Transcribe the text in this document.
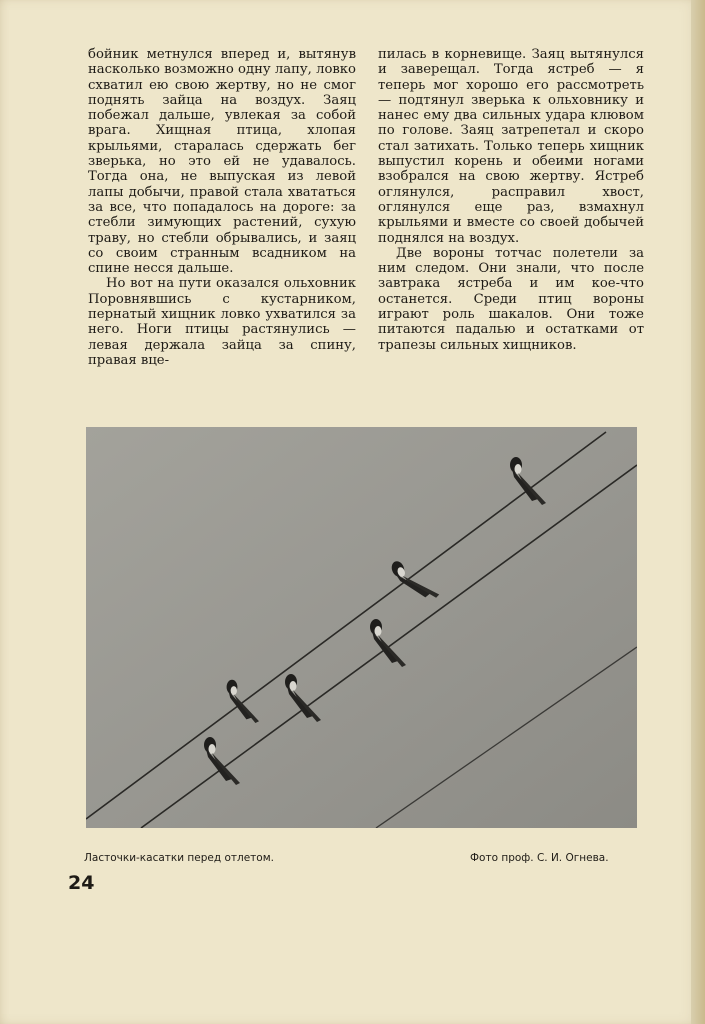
бойник метнулся вперед и, вытянув насколько возможно одну лапу, ловко схватил ею свою жертву, но не смог поднять зайца на воздух. Заяц побежал дальше, увлекая за собой врага. Хищная птица, хлопая крыльями, старалась сдержать бег зверька, но это ей не удавалось. Тогда она, не выпуская из левой лапы добычи, правой стала хвататься за все, что попадалось на дороге: за стебли зимующих растений, сухую траву, но стебли обрывались, и заяц со своим странным всадником на спине несся дальше.

Но вот на пути оказался ольховник Поровнявшись с кустарником, пернатый хищник ловко ухватился за него. Ноги птицы растянулись — левая держала зайца за спину, правая вце-

пилась в корневище. Заяц вытянулся и заверещал. Тогда ястреб — я теперь мог хорошо его рассмотреть — подтянул зверька к ольховнику и нанес ему два сильных удара клювом по голове. Заяц затрепетал и скоро стал затихать. Только теперь хищник выпустил корень и обеими ногами взобрался на свою жертву. Ястреб оглянулся, расправил хвост, оглянулся еще раз, взмахнул крыльями и вместе со своей добычей поднялся на воздух.

Две вороны тотчас полетели за ним следом. Они знали, что после завтрака ястреба и им кое-что останется. Среди птиц вороны играют роль шакалов. Они тоже питаются падалью и остатками от трапезы сильных хищников.

Ласточки-касатки перед отлетом.	Фото проф. С. И. Огнева.
24
